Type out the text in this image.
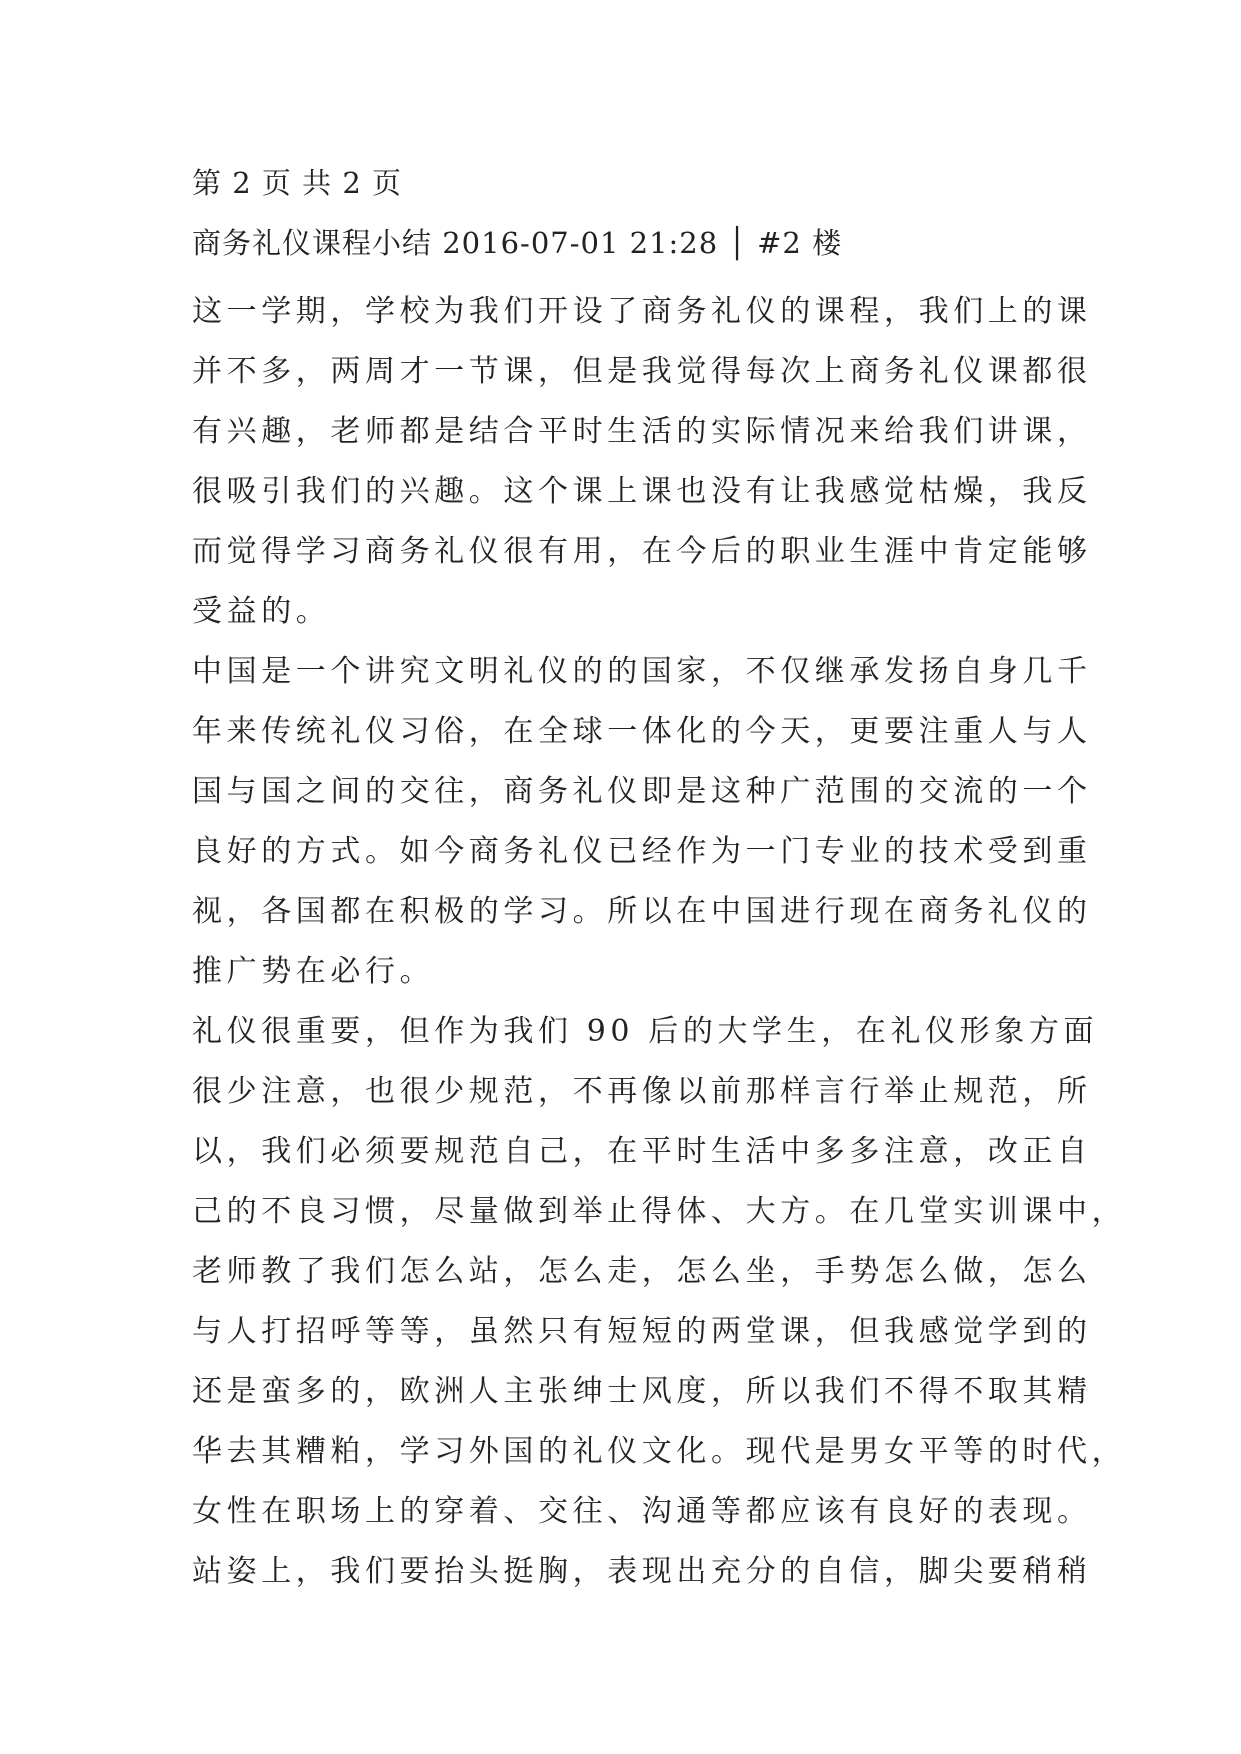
第 2 页 共 2 页
商务礼仪课程小结 2016-07-01 21:28 │ #2 楼
这一学期，学校为我们开设了商务礼仪的课程，我们上的课
并不多，两周才一节课，但是我觉得每次上商务礼仪课都很
有兴趣，老师都是结合平时生活的实际情况来给我们讲课，
很吸引我们的兴趣。这个课上课也没有让我感觉枯燥，我反
而觉得学习商务礼仪很有用，在今后的职业生涯中肯定能够
受益的。
中国是一个讲究文明礼仪的的国家，不仅继承发扬自身几千
年来传统礼仪习俗，在全球一体化的今天，更要注重人与人
国与国之间的交往，商务礼仪即是这种广范围的交流的一个
良好的方式。如今商务礼仪已经作为一门专业的技术受到重
视，各国都在积极的学习。所以在中国进行现在商务礼仪的
推广势在必行。
礼仪很重要，但作为我们 90 后的大学生，在礼仪形象方面
很少注意，也很少规范，不再像以前那样言行举止规范，所
以，我们必须要规范自己，在平时生活中多多注意，改正自
己的不良习惯，尽量做到举止得体、大方。在几堂实训课中，
老师教了我们怎么站，怎么走，怎么坐，手势怎么做，怎么
与人打招呼等等，虽然只有短短的两堂课，但我感觉学到的
还是蛮多的，欧洲人主张绅士风度，所以我们不得不取其精
华去其糟粕，学习外国的礼仪文化。现代是男女平等的时代，
女性在职场上的穿着、交往、沟通等都应该有良好的表现。
站姿上，我们要抬头挺胸，表现出充分的自信，脚尖要稍稍
